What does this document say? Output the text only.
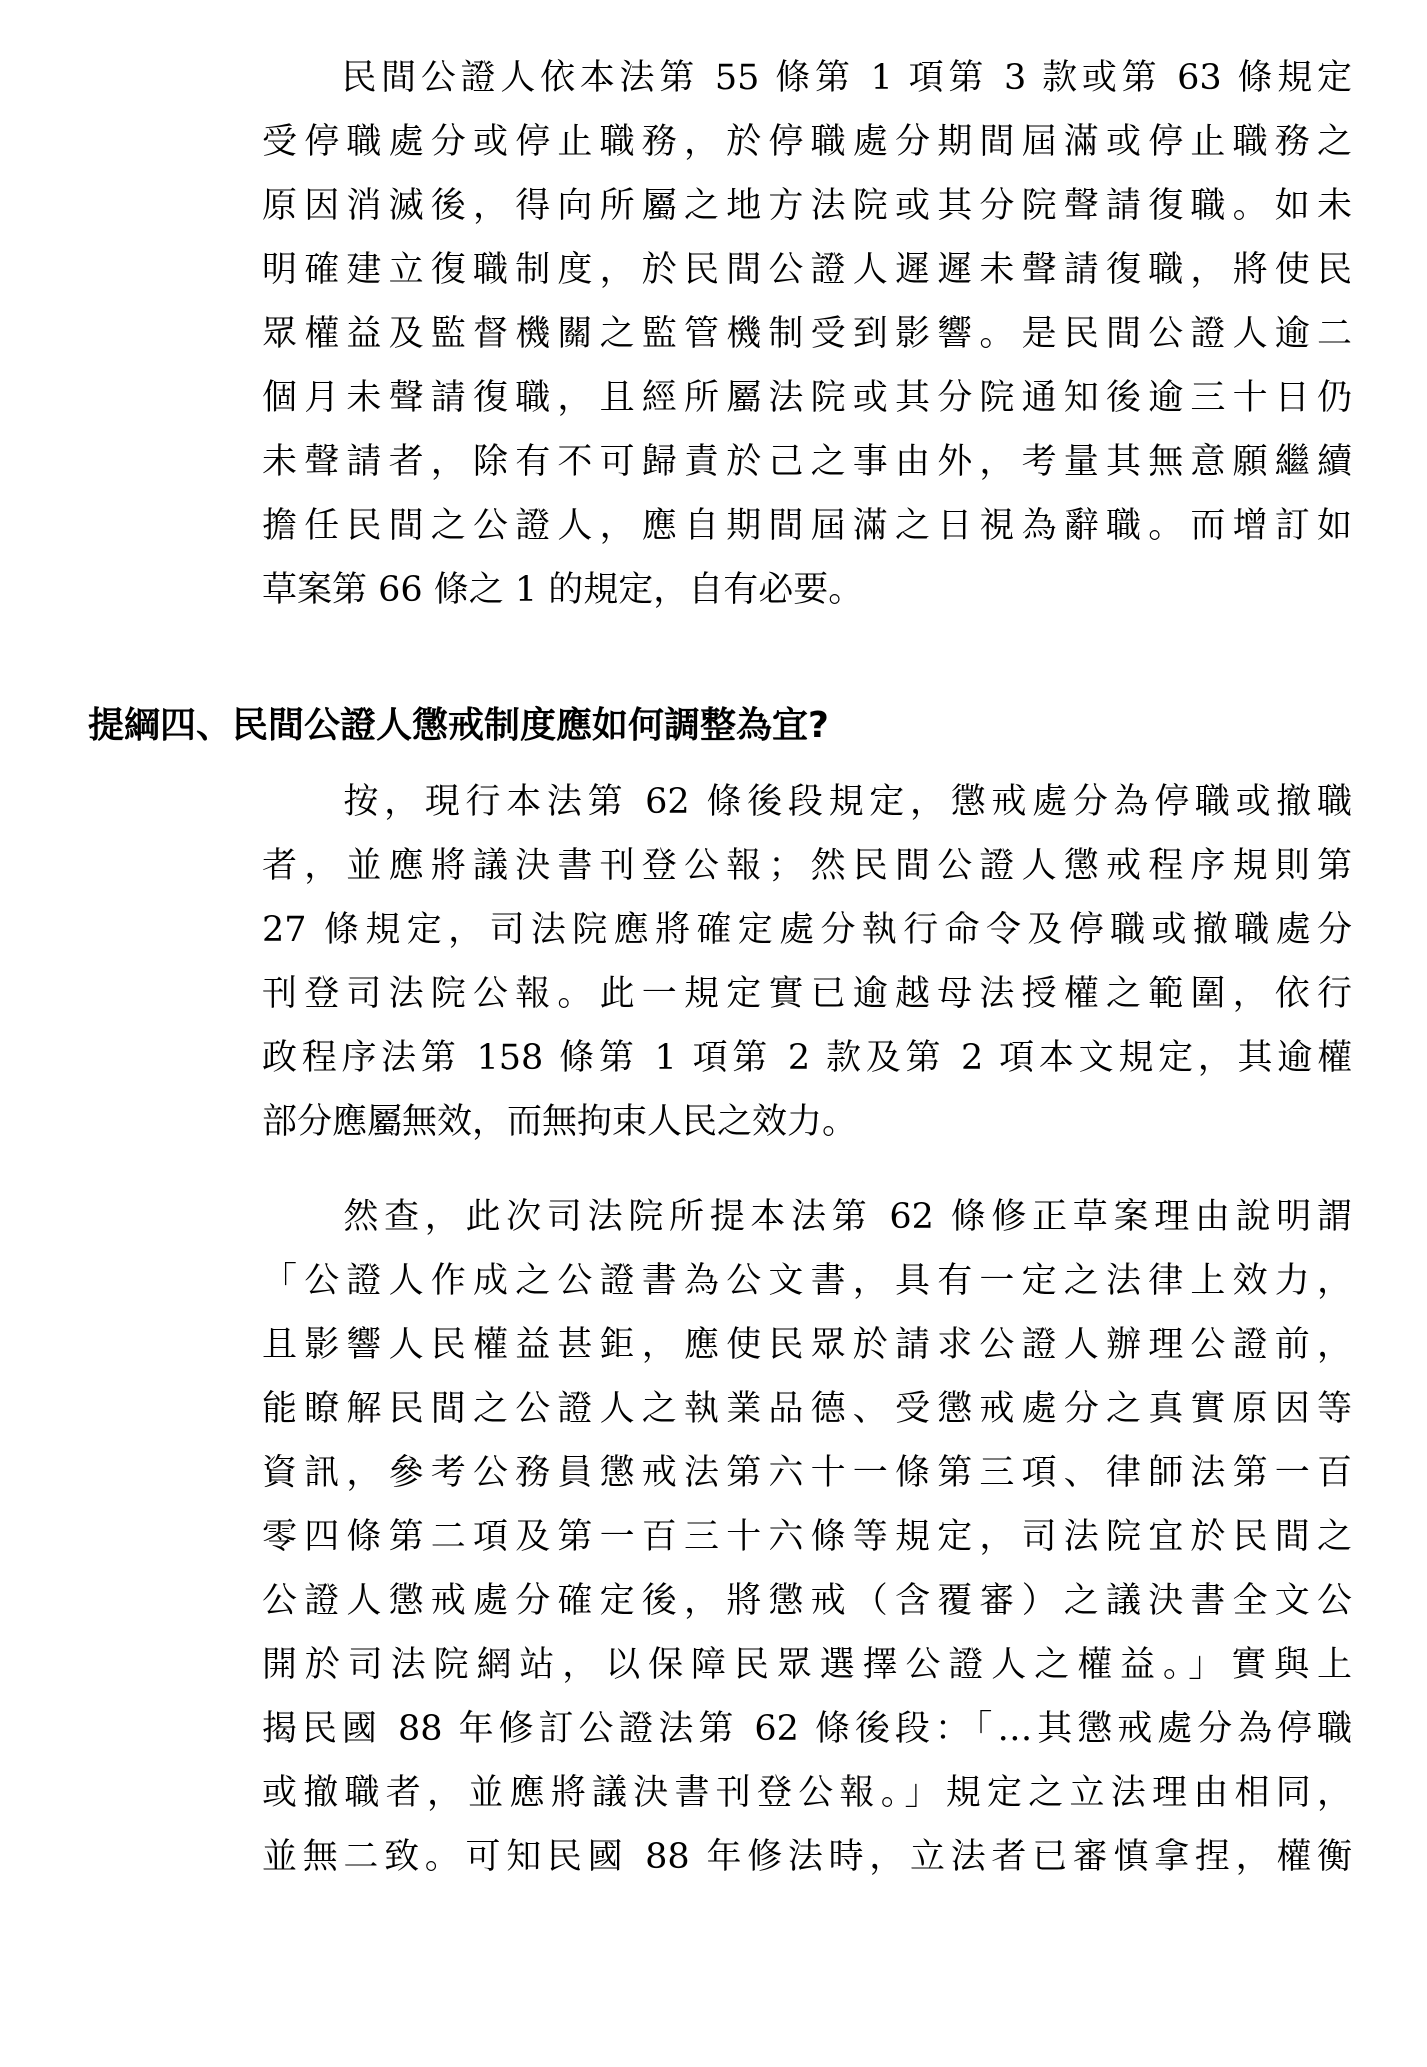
　　民間公證人依本法第 55 條第 1 項第 3 款或第 63 條規定
受停職處分或停止職務，於停職處分期間屆滿或停止職務之
原因消滅後，得向所屬之地方法院或其分院聲請復職。如未
明確建立復職制度，於民間公證人遲遲未聲請復職，將使民
眾權益及監督機關之監管機制受到影響。是民間公證人逾二
個月未聲請復職，且經所屬法院或其分院通知後逾三十日仍
未聲請者，除有不可歸責於己之事由外，考量其無意願繼續
擔任民間之公證人，應自期間屆滿之日視為辭職。而增訂如
草案第 66 條之 1 的規定，自有必要。
提綱四、民間公證人懲戒制度應如何調整為宜?
　　按，現行本法第 62 條後段規定，懲戒處分為停職或撤職
者，並應將議決書刊登公報；然民間公證人懲戒程序規則第
27 條規定，司法院應將確定處分執行命令及停職或撤職處分
刊登司法院公報。此一規定實已逾越母法授權之範圍，依行
政程序法第 158 條第 1 項第 2 款及第 2 項本文規定，其逾權
部分應屬無效，而無拘束人民之效力。
　　然查，此次司法院所提本法第 62 條修正草案理由說明謂
「公證人作成之公證書為公文書，具有一定之法律上效力，
且影響人民權益甚鉅，應使民眾於請求公證人辦理公證前，
能瞭解民間之公證人之執業品德、受懲戒處分之真實原因等
資訊，參考公務員懲戒法第六十一條第三項、律師法第一百
零四條第二項及第一百三十六條等規定，司法院宜於民間之
公證人懲戒處分確定後，將懲戒（含覆審）之議決書全文公
開於司法院網站，以保障民眾選擇公證人之權益。」實與上
揭民國 88 年修訂公證法第 62 條後段：「…其懲戒處分為停職
或撤職者，並應將議決書刊登公報。」規定之立法理由相同，
並無二致。可知民國 88 年修法時，立法者已審慎拿捏，權衡
